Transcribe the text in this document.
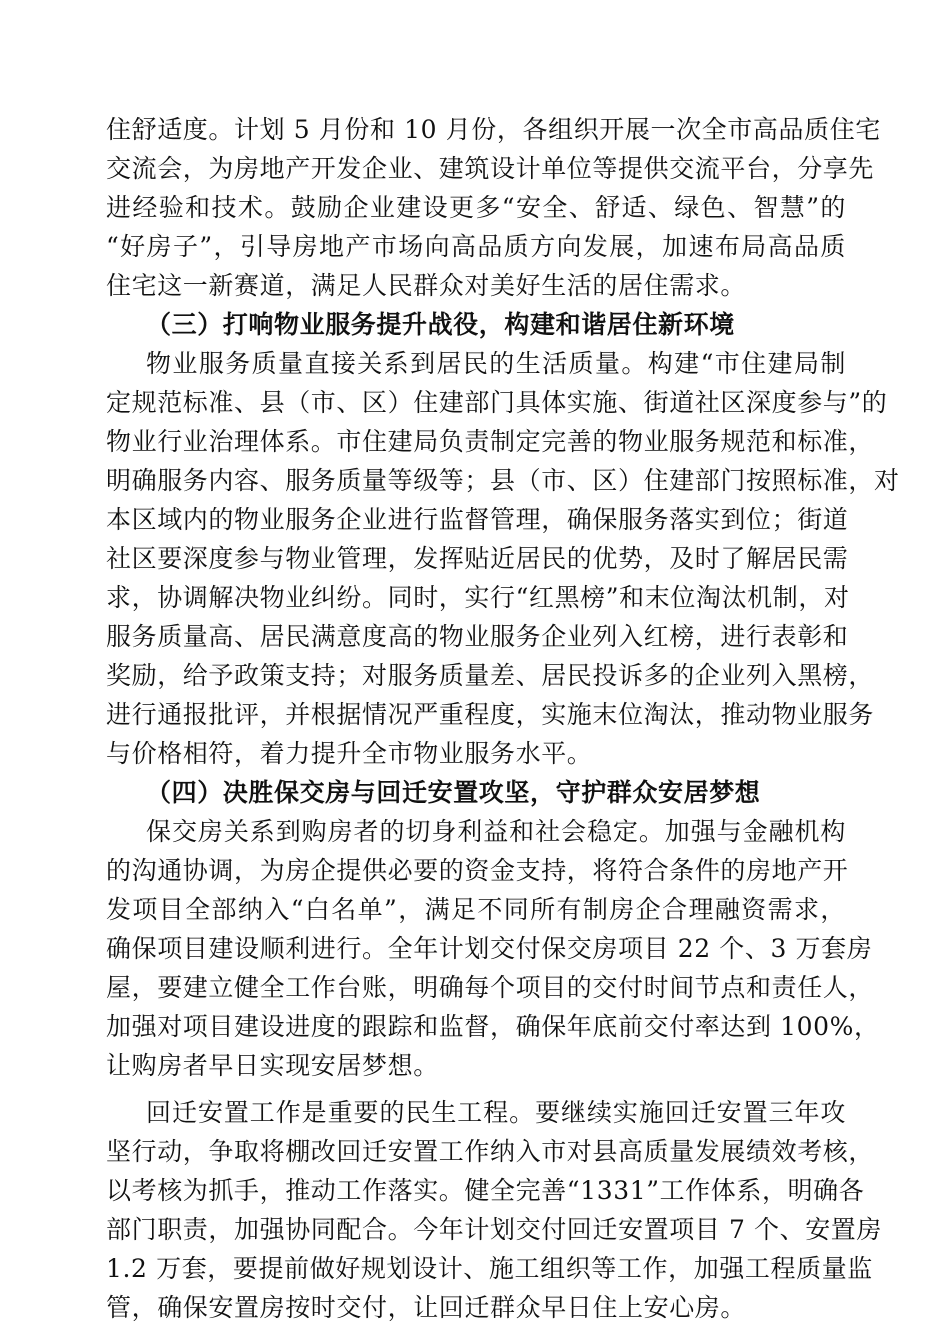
住舒适度。计划 5 月份和 10 月份，各组织开展一次全市高品质住宅
交流会，为房地产开发企业、建筑设计单位等提供交流平台，分享先
进经验和技术。鼓励企业建设更多“安全、舒适、绿色、智慧”的
“好房子”，引导房地产市场向高品质方向发展，加速布局高品质
住宅这一新赛道，满足人民群众对美好生活的居住需求。
（三）打响物业服务提升战役，构建和谐居住新环境
物业服务质量直接关系到居民的生活质量。构建“市住建局制
定规范标准、县（市、区）住建部门具体实施、街道社区深度参与”的
物业行业治理体系。市住建局负责制定完善的物业服务规范和标准，
明确服务内容、服务质量等级等；县（市、区）住建部门按照标准，对
本区域内的物业服务企业进行监督管理，确保服务落实到位；街道
社区要深度参与物业管理，发挥贴近居民的优势，及时了解居民需
求，协调解决物业纠纷。同时，实行“红黑榜”和末位淘汰机制，对
服务质量高、居民满意度高的物业服务企业列入红榜，进行表彰和
奖励，给予政策支持；对服务质量差、居民投诉多的企业列入黑榜，
进行通报批评，并根据情况严重程度，实施末位淘汰，推动物业服务
与价格相符，着力提升全市物业服务水平。
（四）决胜保交房与回迁安置攻坚，守护群众安居梦想
保交房关系到购房者的切身利益和社会稳定。加强与金融机构
的沟通协调，为房企提供必要的资金支持，将符合条件的房地产开
发项目全部纳入“白名单”，满足不同所有制房企合理融资需求，
确保项目建设顺利进行。全年计划交付保交房项目 22 个、3 万套房
屋，要建立健全工作台账，明确每个项目的交付时间节点和责任人，
加强对项目建设进度的跟踪和监督，确保年底前交付率达到 100%，
让购房者早日实现安居梦想。
回迁安置工作是重要的民生工程。要继续实施回迁安置三年攻
坚行动，争取将棚改回迁安置工作纳入市对县高质量发展绩效考核，
以考核为抓手，推动工作落实。健全完善“1331”工作体系，明确各
部门职责，加强协同配合。今年计划交付回迁安置项目 7 个、安置房
1.2 万套，要提前做好规划设计、施工组织等工作，加强工程质量监
管，确保安置房按时交付，让回迁群众早日住上安心房。
